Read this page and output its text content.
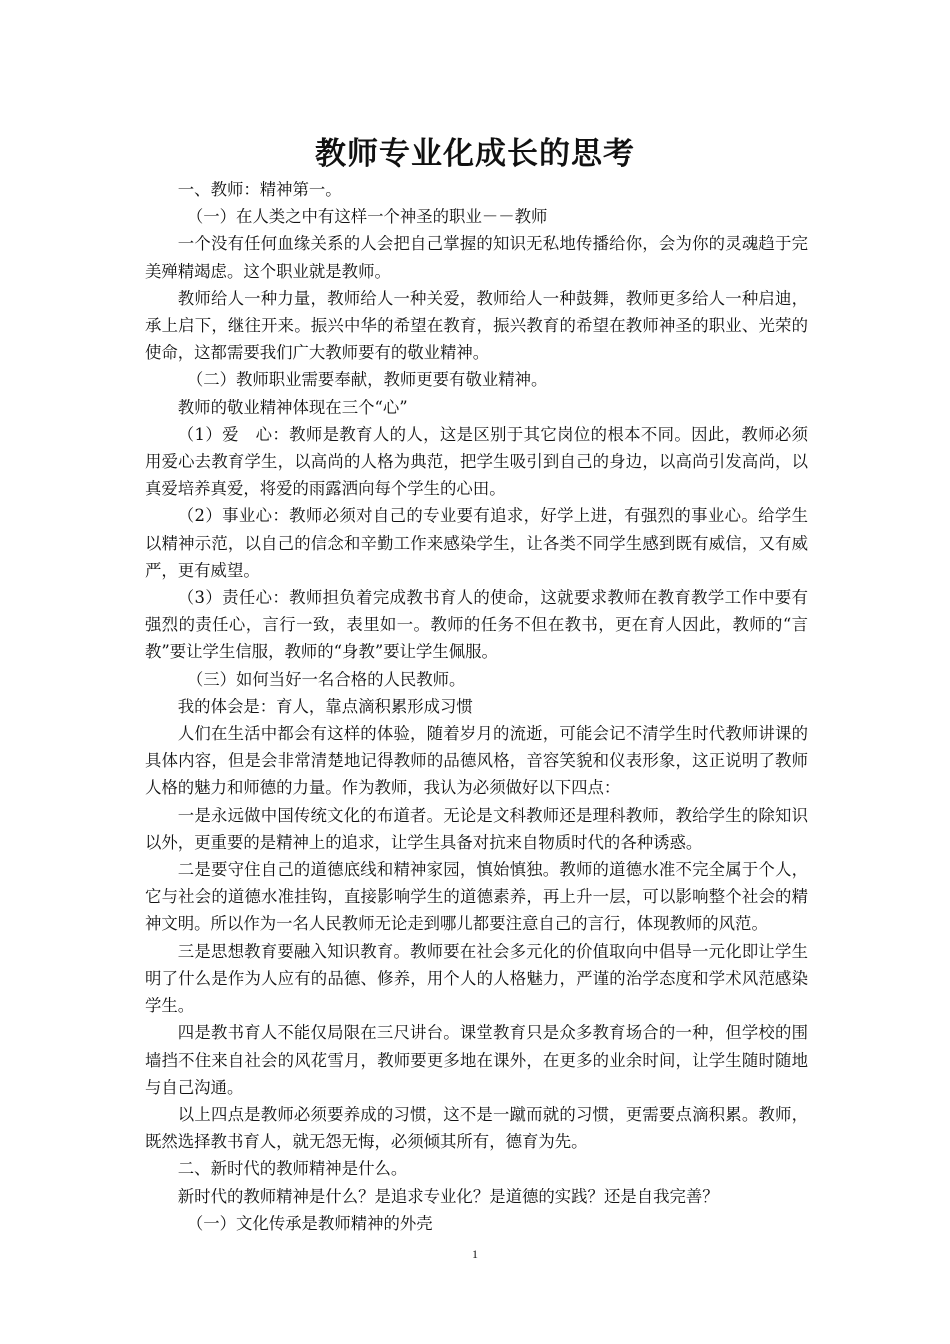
教师专业化成长的思考

一、教师：精神第一。

（一）在人类之中有这样一个神圣的职业－－教师

一个没有任何血缘关系的人会把自己掌握的知识无私地传播给你，会为你的灵魂趋于完美殚精竭虑。这个职业就是教师。

教师给人一种力量，教师给人一种关爱，教师给人一种鼓舞，教师更多给人一种启迪，承上启下，继往开来。振兴中华的希望在教育，振兴教育的希望在教师神圣的职业、光荣的使命，这都需要我们广大教师要有的敬业精神。

（二）教师职业需要奉献，教师更要有敬业精神。

教师的敬业精神体现在三个“心”

（1）爱　心：教师是教育人的人，这是区别于其它岗位的根本不同。因此，教师必须用爱心去教育学生，以高尚的人格为典范，把学生吸引到自己的身边，以高尚引发高尚，以真爱培养真爱，将爱的雨露洒向每个学生的心田。

（2）事业心：教师必须对自己的专业要有追求，好学上进，有强烈的事业心。给学生以精神示范，以自己的信念和辛勤工作来感染学生，让各类不同学生感到既有威信，又有威严，更有威望。

（3）责任心：教师担负着完成教书育人的使命，这就要求教师在教育教学工作中要有强烈的责任心，言行一致，表里如一。教师的任务不但在教书，更在育人因此，教师的“言教”要让学生信服，教师的“身教”要让学生佩服。

（三）如何当好一名合格的人民教师。

我的体会是：育人，靠点滴积累形成习惯

人们在生活中都会有这样的体验，随着岁月的流逝，可能会记不清学生时代教师讲课的具体内容，但是会非常清楚地记得教师的品德风格，音容笑貌和仪表形象，这正说明了教师人格的魅力和师德的力量。作为教师，我认为必须做好以下四点：

一是永远做中国传统文化的布道者。无论是文科教师还是理科教师，教给学生的除知识以外，更重要的是精神上的追求，让学生具备对抗来自物质时代的各种诱惑。

二是要守住自己的道德底线和精神家园，慎始慎独。教师的道德水准不完全属于个人，它与社会的道德水准挂钩，直接影响学生的道德素养，再上升一层，可以影响整个社会的精神文明。所以作为一名人民教师无论走到哪儿都要注意自己的言行，体现教师的风范。

三是思想教育要融入知识教育。教师要在社会多元化的价值取向中倡导一元化即让学生明了什么是作为人应有的品德、修养，用个人的人格魅力，严谨的治学态度和学术风范感染学生。

四是教书育人不能仅局限在三尺讲台。课堂教育只是众多教育场合的一种，但学校的围墙挡不住来自社会的风花雪月，教师要更多地在课外，在更多的业余时间，让学生随时随地与自己沟通。

以上四点是教师必须要养成的习惯，这不是一蹴而就的习惯，更需要点滴积累。教师，既然选择教书育人，就无怨无悔，必须倾其所有，德育为先。

二、新时代的教师精神是什么。

新时代的教师精神是什么？是追求专业化？是道德的实践？还是自我完善？

（一）文化传承是教师精神的外壳

1
